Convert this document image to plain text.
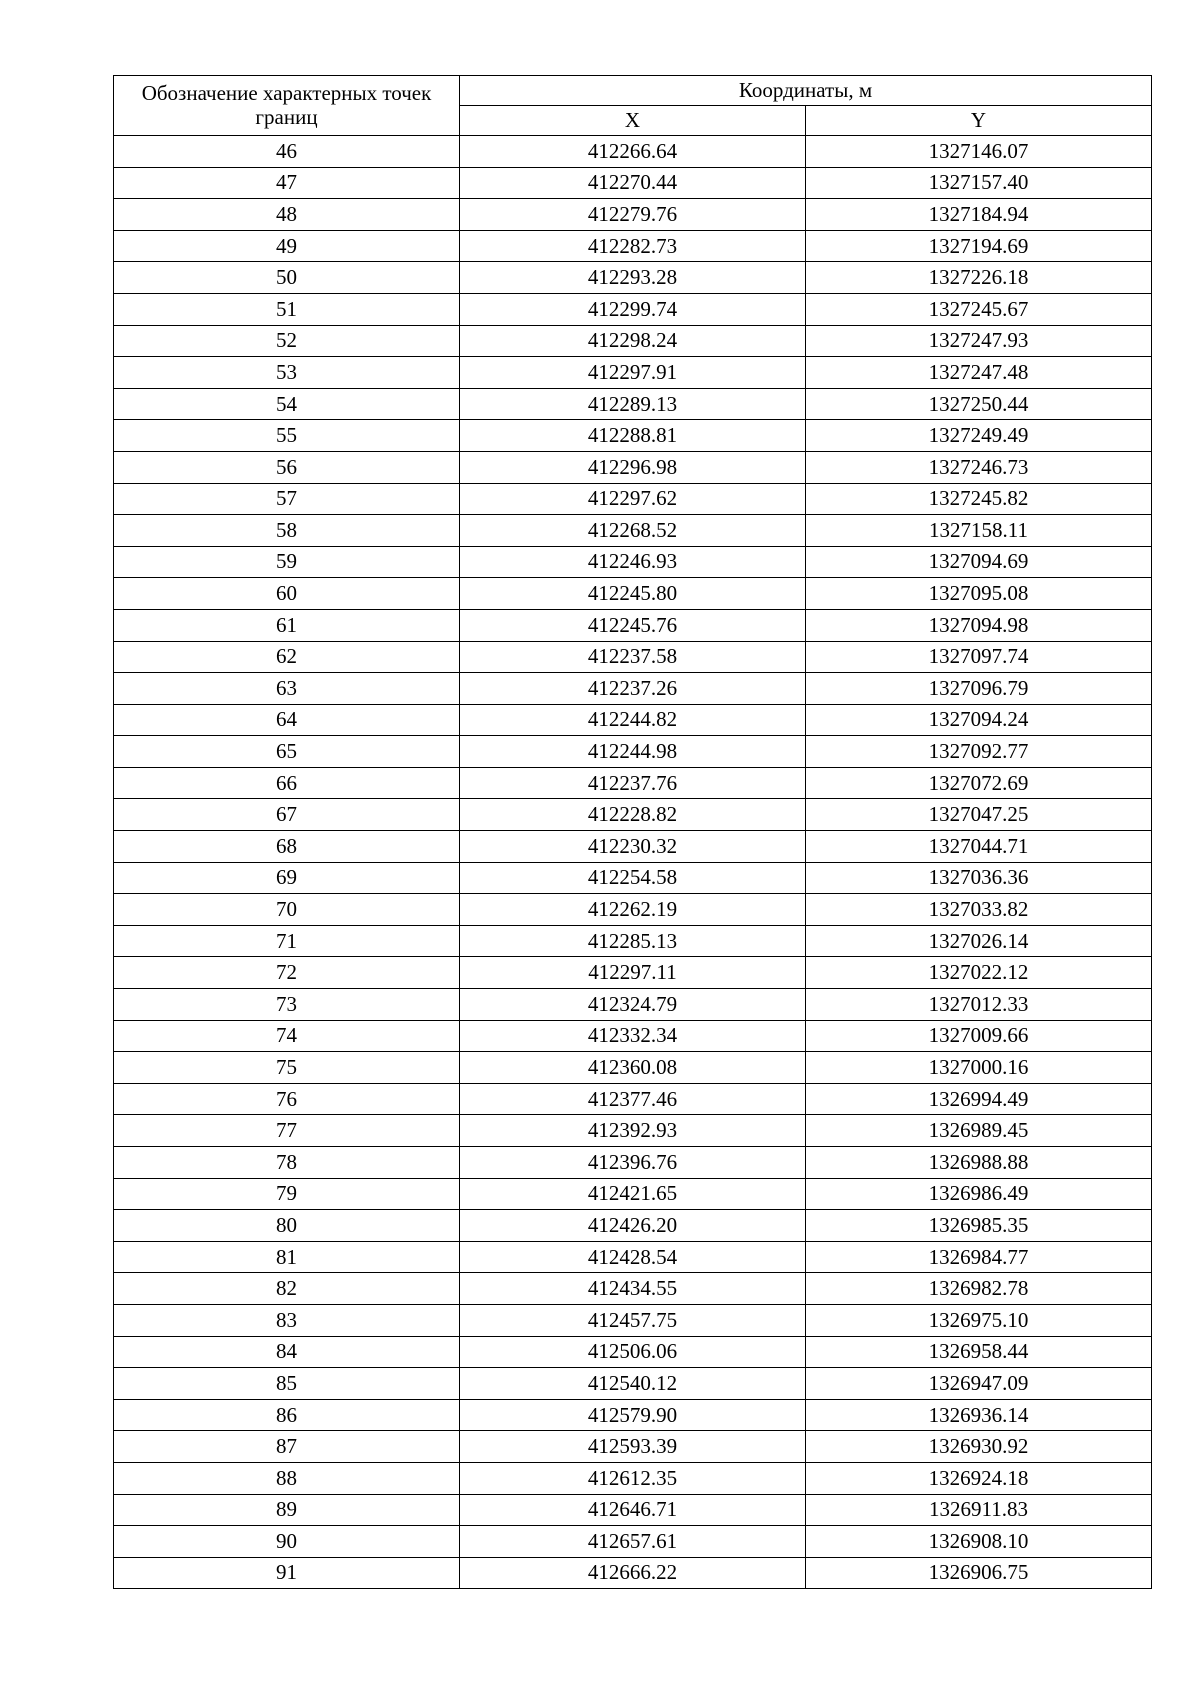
Обозначение характерных точек границ	Координаты, м	
	X	Y
46	412266.64	1327146.07
47	412270.44	1327157.40
48	412279.76	1327184.94
49	412282.73	1327194.69
50	412293.28	1327226.18
51	412299.74	1327245.67
52	412298.24	1327247.93
53	412297.91	1327247.48
54	412289.13	1327250.44
55	412288.81	1327249.49
56	412296.98	1327246.73
57	412297.62	1327245.82
58	412268.52	1327158.11
59	412246.93	1327094.69
60	412245.80	1327095.08
61	412245.76	1327094.98
62	412237.58	1327097.74
63	412237.26	1327096.79
64	412244.82	1327094.24
65	412244.98	1327092.77
66	412237.76	1327072.69
67	412228.82	1327047.25
68	412230.32	1327044.71
69	412254.58	1327036.36
70	412262.19	1327033.82
71	412285.13	1327026.14
72	412297.11	1327022.12
73	412324.79	1327012.33
74	412332.34	1327009.66
75	412360.08	1327000.16
76	412377.46	1326994.49
77	412392.93	1326989.45
78	412396.76	1326988.88
79	412421.65	1326986.49
80	412426.20	1326985.35
81	412428.54	1326984.77
82	412434.55	1326982.78
83	412457.75	1326975.10
84	412506.06	1326958.44
85	412540.12	1326947.09
86	412579.90	1326936.14
87	412593.39	1326930.92
88	412612.35	1326924.18
89	412646.71	1326911.83
90	412657.61	1326908.10
91	412666.22	1326906.75
